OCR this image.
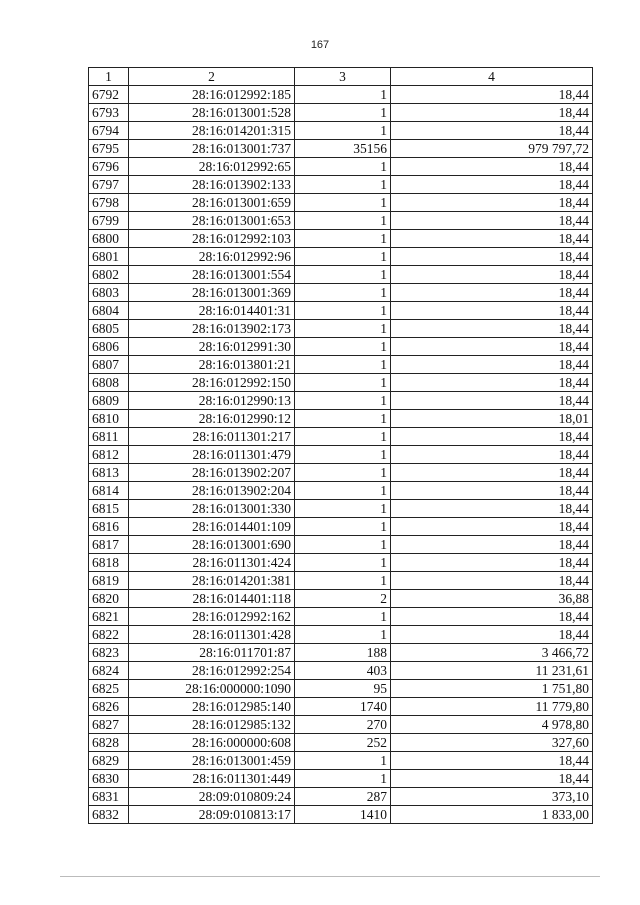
167
1	2	3	4
6792	28:16:012992:185	1	18,44
6793	28:16:013001:528	1	18,44
6794	28:16:014201:315	1	18,44
6795	28:16:013001:737	35156	979 797,72
6796	28:16:012992:65	1	18,44
6797	28:16:013902:133	1	18,44
6798	28:16:013001:659	1	18,44
6799	28:16:013001:653	1	18,44
6800	28:16:012992:103	1	18,44
6801	28:16:012992:96	1	18,44
6802	28:16:013001:554	1	18,44
6803	28:16:013001:369	1	18,44
6804	28:16:014401:31	1	18,44
6805	28:16:013902:173	1	18,44
6806	28:16:012991:30	1	18,44
6807	28:16:013801:21	1	18,44
6808	28:16:012992:150	1	18,44
6809	28:16:012990:13	1	18,44
6810	28:16:012990:12	1	18,01
6811	28:16:011301:217	1	18,44
6812	28:16:011301:479	1	18,44
6813	28:16:013902:207	1	18,44
6814	28:16:013902:204	1	18,44
6815	28:16:013001:330	1	18,44
6816	28:16:014401:109	1	18,44
6817	28:16:013001:690	1	18,44
6818	28:16:011301:424	1	18,44
6819	28:16:014201:381	1	18,44
6820	28:16:014401:118	2	36,88
6821	28:16:012992:162	1	18,44
6822	28:16:011301:428	1	18,44
6823	28:16:011701:87	188	3 466,72
6824	28:16:012992:254	403	11 231,61
6825	28:16:000000:1090	95	1 751,80
6826	28:16:012985:140	1740	11 779,80
6827	28:16:012985:132	270	4 978,80
6828	28:16:000000:608	252	327,60
6829	28:16:013001:459	1	18,44
6830	28:16:011301:449	1	18,44
6831	28:09:010809:24	287	373,10
6832	28:09:010813:17	1410	1 833,00
